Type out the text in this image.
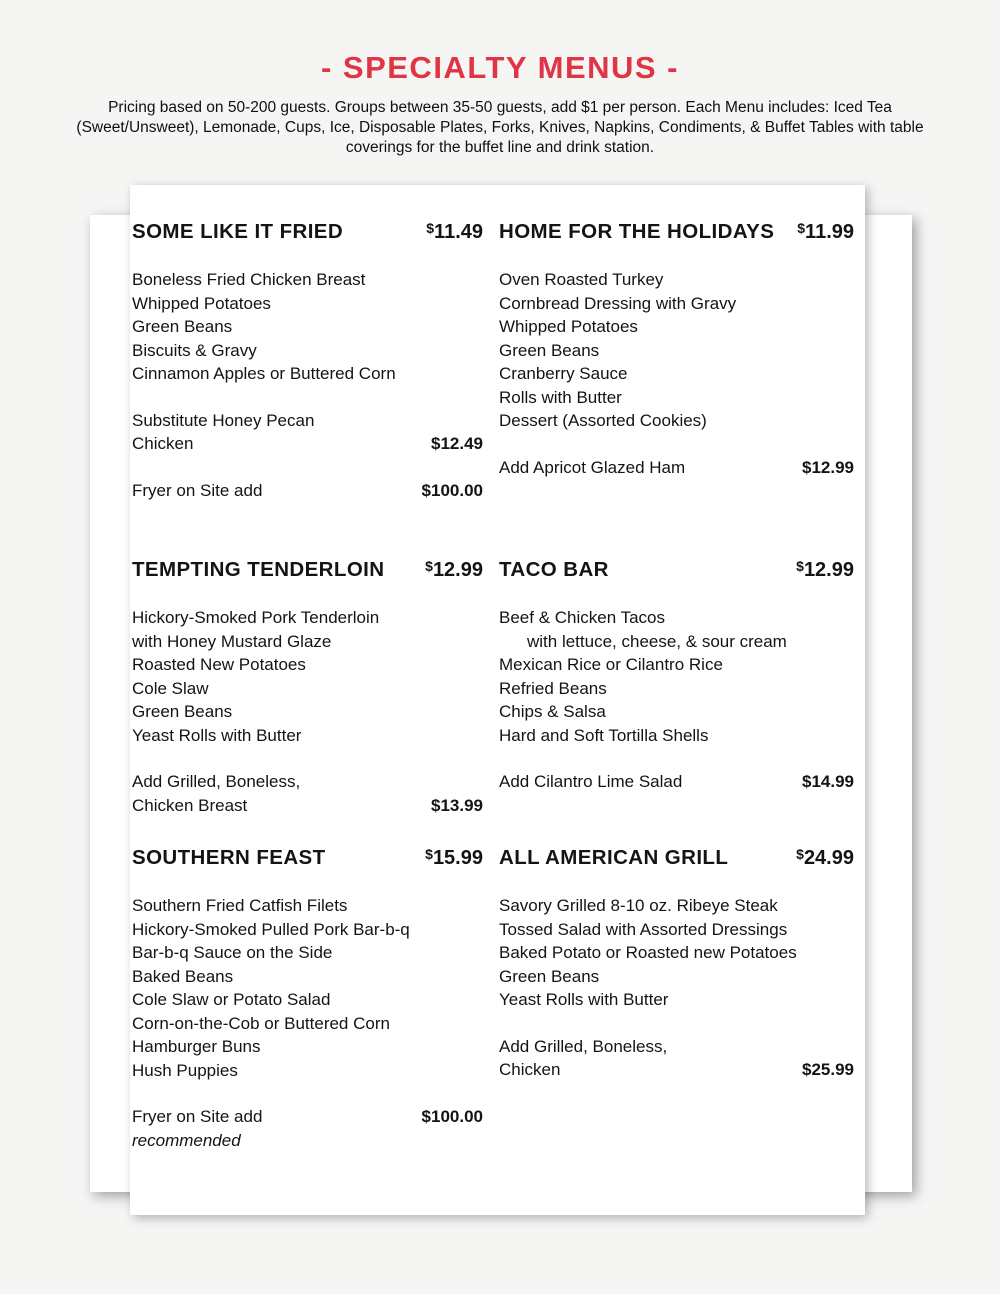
- SPECIALTY MENUS -

Pricing based on 50-200 guests. Groups between 35-50 guests, add $1 per person. Each Menu includes: Iced Tea (Sweet/Unsweet), Lemonade, Cups, Ice, Disposable Plates, Forks, Knives, Napkins, Condiments, & Buffet Tables with table coverings for the buffet line and drink station.

SOME LIKE IT FRIED	$11.49
Boneless Fried Chicken Breast
Whipped Potatoes
Green Beans
Biscuits & Gravy
Cinnamon Apples or Buttered Corn
Substitute Honey Pecan
Chicken	$12.49
Fryer on Site add	$100.00
HOME FOR THE HOLIDAYS $11.99
Oven Roasted Turkey
Cornbread Dressing with Gravy
Whipped Potatoes
Green Beans
Cranberry Sauce
Rolls with Butter
Dessert (Assorted Cookies)
Add Apricot Glazed Ham	$12.99
TEMPTING TENDERLOIN	$12.99
Hickory-Smoked Pork Tenderloin
with Honey Mustard Glaze
Roasted New Potatoes
Cole Slaw
Green Beans
Yeast Rolls with Butter
Add Grilled, Boneless,
Chicken Breast	$13.99
TACO BAR	$12.99
Beef & Chicken Tacos
with lettuce, cheese, & sour cream
Mexican Rice or Cilantro Rice
Refried Beans
Chips & Salsa
Hard and Soft Tortilla Shells
Add Cilantro Lime Salad	$14.99
SOUTHERN FEAST	$15.99
Southern Fried Catfish Filets
Hickory-Smoked Pulled Pork Bar-b-q
Bar-b-q Sauce on the Side
Baked Beans
Cole Slaw or Potato Salad
Corn-on-the-Cob or Buttered Corn
Hamburger Buns
Hush Puppies
Fryer on Site add	$100.00
recommended
ALL AMERICAN GRILL	$24.99
Savory Grilled 8-10 oz. Ribeye Steak
Tossed Salad with Assorted Dressings
Baked Potato or Roasted new Potatoes
Green Beans
Yeast Rolls with Butter
Add Grilled, Boneless,
Chicken	$25.99
